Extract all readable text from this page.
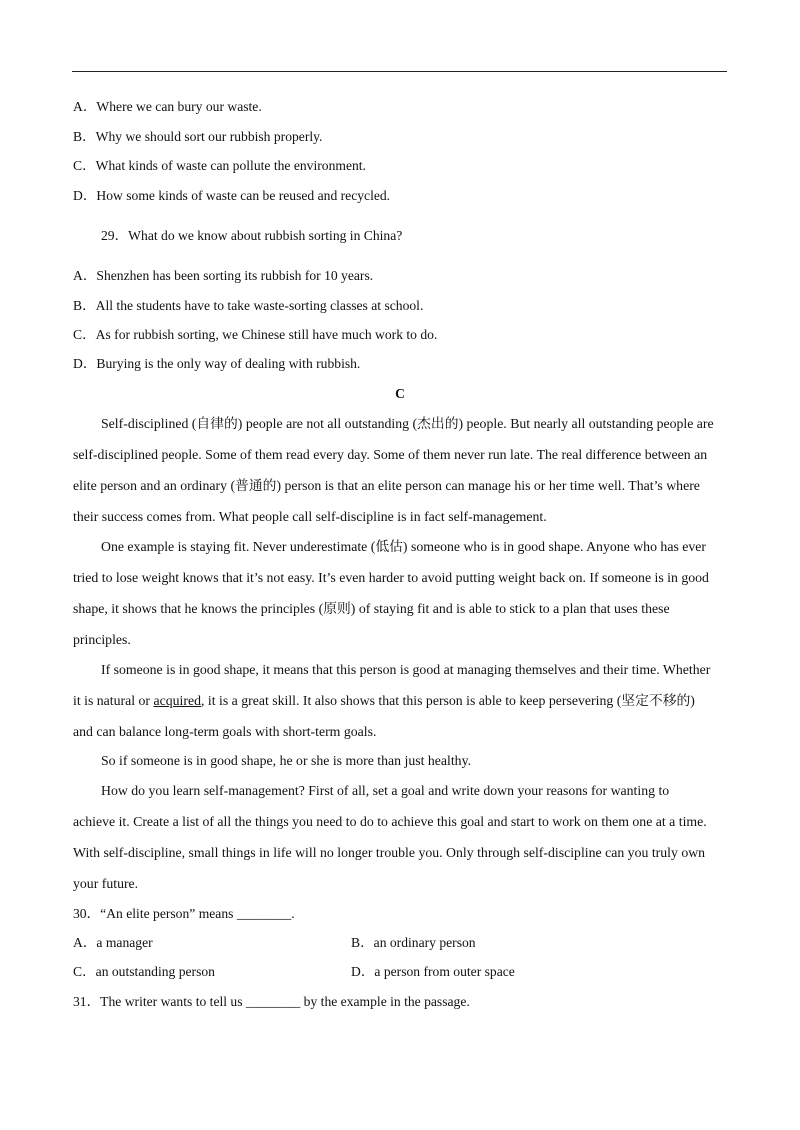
A．Where we can bury our waste.
B．Why we should sort our rubbish properly.
C．What kinds of waste can pollute the environment.
D．How some kinds of waste can be reused and recycled.
29．What do we know about rubbish sorting in China?
A．Shenzhen has been sorting its rubbish for 10 years.
B．All the students have to take waste-sorting classes at school.
C．As for rubbish sorting, we Chinese still have much work to do.
D．Burying is the only way of dealing with rubbish.
C
Self-disciplined (自律的) people are not all outstanding (杰出的) people. But nearly all outstanding people are
self-disciplined people. Some of them read every day. Some of them never run late. The real difference between an
elite person and an ordinary (普通的) person is that an elite person can manage his or her time well. That’s where
their success comes from. What people call self-discipline is in fact self-management.
One example is staying fit. Never underestimate (低估) someone who is in good shape. Anyone who has ever
tried to lose weight knows that it’s not easy. It’s even harder to avoid putting weight back on. If someone is in good
shape, it shows that he knows the principles (原则) of staying fit and is able to stick to a plan that uses these
principles.
If someone is in good shape, it means that this person is good at managing themselves and their time. Whether
it is natural or acquired, it is a great skill. It also shows that this person is able to keep persevering (坚定不移的)
and can balance long-term goals with short-term goals.
So if someone is in good shape, he or she is more than just healthy.
How do you learn self-management? First of all, set a goal and write down your reasons for wanting to
achieve it. Create a list of all the things you need to do to achieve this goal and start to work on them one at a time.
With self-discipline, small things in life will no longer trouble you. Only through self-discipline can you truly own
your future.
30．“An elite person” means ________.
A．a manager	B．an ordinary person
C．an outstanding person	D．a person from outer space
31．The writer wants to tell us ________ by the example in the passage.
